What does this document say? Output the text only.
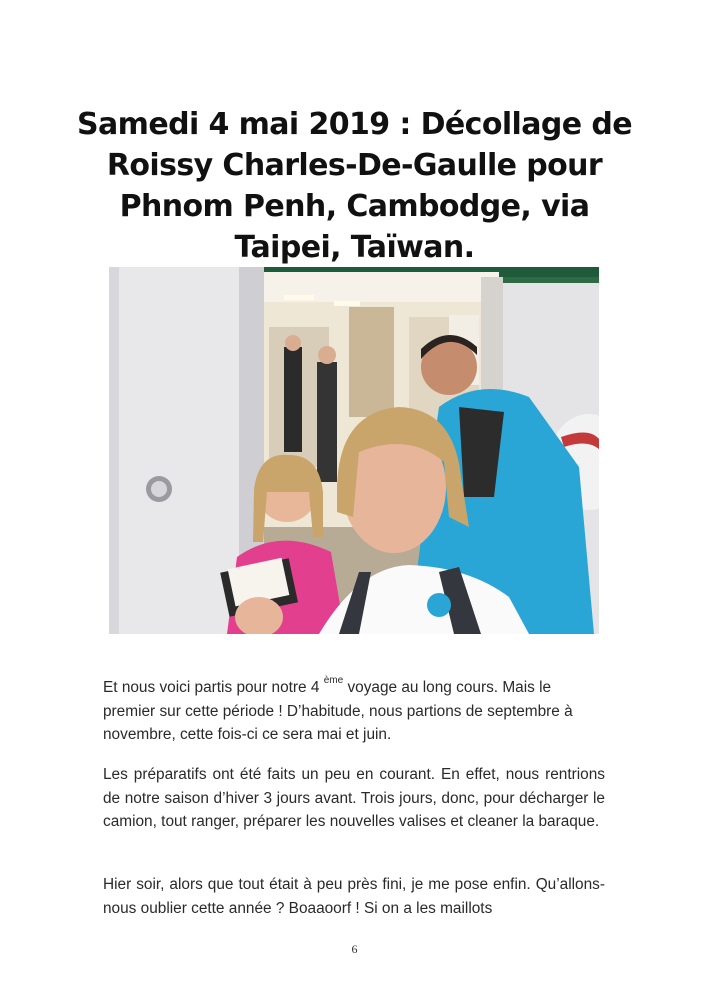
Samedi 4 mai 2019 : Décollage de
Roissy Charles-De-Gaulle pour
Phnom Penh, Cambodge, via
Taipei, Taïwan.

Et nous voici partis pour notre 4 $^{ème}$ voyage au long cours. Mais le premier sur cette période ! D’habitude, nous partions de septembre à novembre, cette fois-ci ce sera mai et juin.

Les préparatifs ont été faits un peu en courant. En effet, nous rentrions de notre saison d’hiver 3 jours avant. Trois jours, donc, pour décharger le camion, tout ranger, préparer les nouvelles valises et cleaner la baraque.

Hier soir, alors que tout était à peu près fini, je me pose enfin. Qu’allons-nous oublier cette année ? Boaaoorf ! Si on a les maillots

6
